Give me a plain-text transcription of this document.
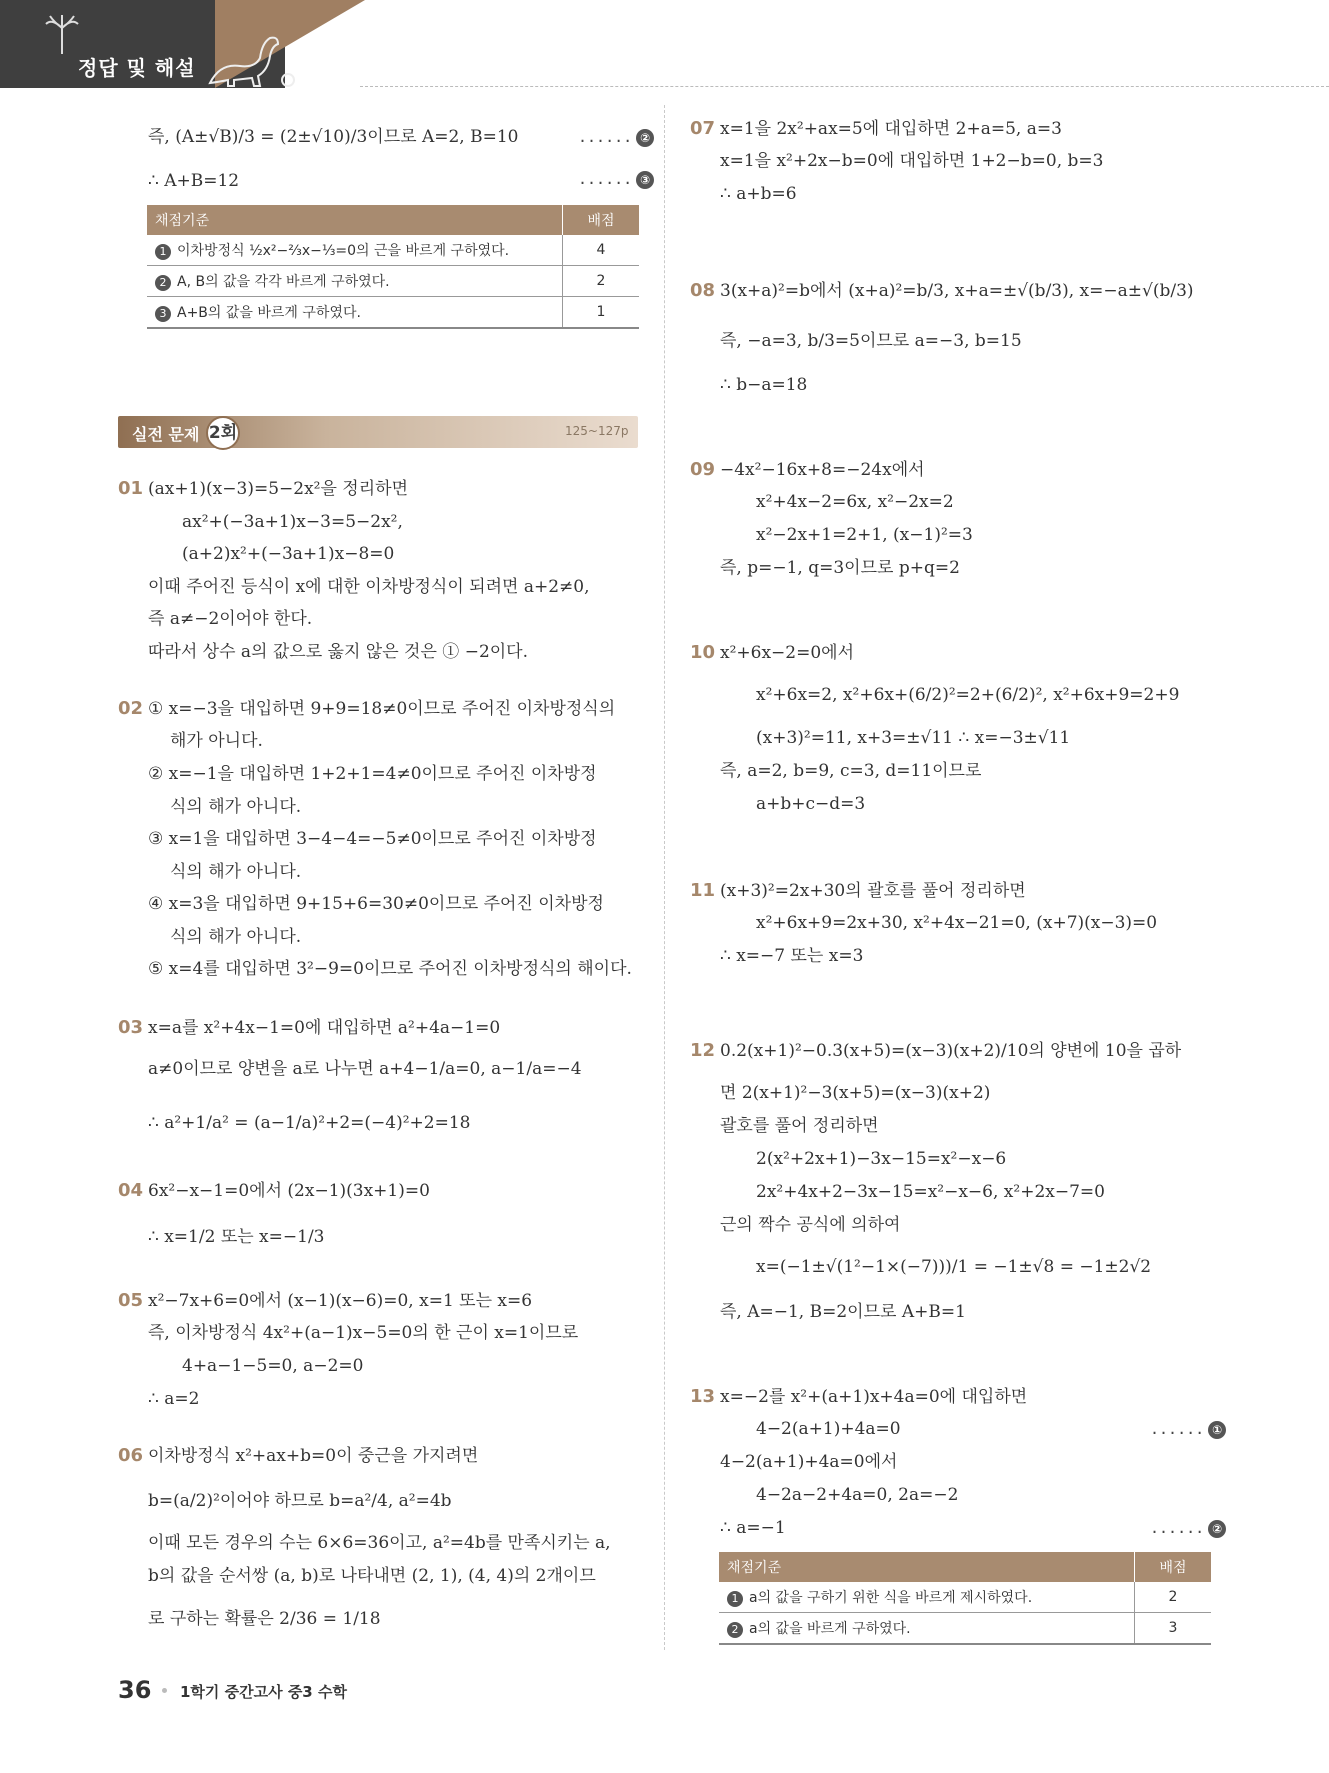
정답 및 해설
즉, (A±√B)/3 = (2±√10)/3이므로 A=2, B=10	...... ②
∴ A+B=12	...... ③
채점기준	배점
1 이차방정식 ½x²−⅔x−⅓=0의 근을 바르게 구하였다.	4
2 A, B의 값을 각각 바르게 구하였다.	2
3 A+B의 값을 바르게 구하였다.	1
실전 문제 2회	125~127p
01 (ax+1)(x−3)=5−2x²을 정리하면
ax²+(−3a+1)x−3=5−2x²,
(a+2)x²+(−3a+1)x−8=0
이때 주어진 등식이 x에 대한 이차방정식이 되려면 a+2≠0,
즉 a≠−2이어야 한다.
따라서 상수 a의 값으로 옳지 않은 것은 ① −2이다.
02 ① x=−3을 대입하면 9+9=18≠0이므로 주어진 이차방정식의
해가 아니다.
② x=−1을 대입하면 1+2+1=4≠0이므로 주어진 이차방정
식의 해가 아니다.
③ x=1을 대입하면 3−4−4=−5≠0이므로 주어진 이차방정
식의 해가 아니다.
④ x=3을 대입하면 9+15+6=30≠0이므로 주어진 이차방정
식의 해가 아니다.
⑤ x=4를 대입하면 3²−9=0이므로 주어진 이차방정식의 해이다.
03 x=a를 x²+4x−1=0에 대입하면 a²+4a−1=0
a≠0이므로 양변을 a로 나누면 a+4−1/a=0, a−1/a=−4
∴ a²+1/a² = (a−1/a)²+2=(−4)²+2=18
04 6x²−x−1=0에서 (2x−1)(3x+1)=0
∴ x=1/2 또는 x=−1/3
05 x²−7x+6=0에서 (x−1)(x−6)=0, x=1 또는 x=6
즉, 이차방정식 4x²+(a−1)x−5=0의 한 근이 x=1이므로
4+a−1−5=0, a−2=0
∴ a=2
06 이차방정식 x²+ax+b=0이 중근을 가지려면
b=(a/2)²이어야 하므로 b=a²/4, a²=4b
이때 모든 경우의 수는 6×6=36이고, a²=4b를 만족시키는 a,
b의 값을 순서쌍 (a, b)로 나타내면 (2, 1), (4, 4)의 2개이므
로 구하는 확률은 2/36 = 1/18
07 x=1을 2x²+ax=5에 대입하면 2+a=5, a=3
x=1을 x²+2x−b=0에 대입하면 1+2−b=0, b=3
∴ a+b=6
08 3(x+a)²=b에서 (x+a)²=b/3, x+a=±√(b/3), x=−a±√(b/3)
즉, −a=3, b/3=5이므로 a=−3, b=15
∴ b−a=18
09 −4x²−16x+8=−24x에서
x²+4x−2=6x, x²−2x=2
x²−2x+1=2+1, (x−1)²=3
즉, p=−1, q=3이므로 p+q=2
10 x²+6x−2=0에서
x²+6x=2, x²+6x+(6/2)²=2+(6/2)², x²+6x+9=2+9
(x+3)²=11, x+3=±√11 ∴ x=−3±√11
즉, a=2, b=9, c=3, d=11이므로
a+b+c−d=3
11 (x+3)²=2x+30의 괄호를 풀어 정리하면
x²+6x+9=2x+30, x²+4x−21=0, (x+7)(x−3)=0
∴ x=−7 또는 x=3
12 0.2(x+1)²−0.3(x+5)=(x−3)(x+2)/10의 양변에 10을 곱하
면 2(x+1)²−3(x+5)=(x−3)(x+2)
괄호를 풀어 정리하면
2(x²+2x+1)−3x−15=x²−x−6
2x²+4x+2−3x−15=x²−x−6, x²+2x−7=0
근의 짝수 공식에 의하여
x=(−1±√(1²−1×(−7)))/1 = −1±√8 = −1±2√2
즉, A=−1, B=2이므로 A+B=1
13 x=−2를 x²+(a+1)x+4a=0에 대입하면
4−2(a+1)+4a=0	...... ①
4−2(a+1)+4a=0에서
4−2a−2+4a=0, 2a=−2
∴ a=−1	...... ②
채점기준	배점
1 a의 값을 구하기 위한 식을 바르게 제시하였다.	2
2 a의 값을 바르게 구하였다.	3
36 1학기 중간고사 중3 수학
